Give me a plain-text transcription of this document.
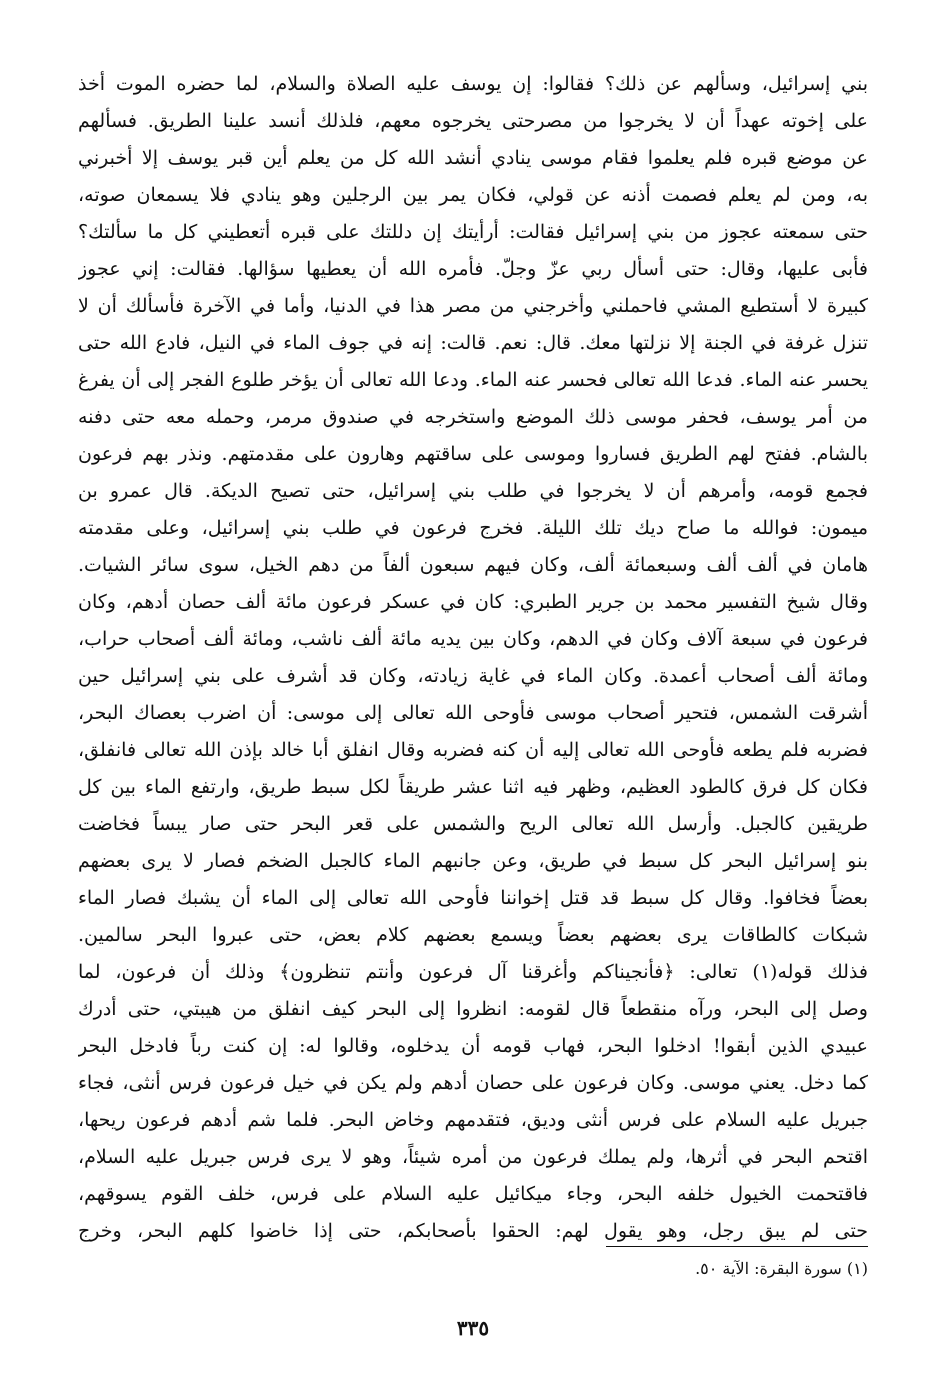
بني إسرائيل، وسألهم عن ذلك؟ فقالوا: إن يوسف عليه الصلاة والسلام، لما حضره الموت أخذ
على إخوته عهداً أن لا يخرجوا من مصرحتى يخرجوه معهم، فلذلك أنسد علينا الطريق. فسألهم
عن موضع قبره فلم يعلموا فقام موسى ينادي أنشد الله كل من يعلم أين قبر يوسف إلا أخبرني
به، ومن لم يعلم فصمت أذنه عن قولي، فكان يمر بين الرجلين وهو ينادي فلا يسمعان صوته،
حتى سمعته عجوز من بني إسرائيل فقالت: أرأيتك إن دللتك على قبره أتعطيني كل ما سألتك؟
فأبى عليها، وقال: حتى أسأل ربي عزّ وجلّ. فأمره الله أن يعطيها سؤالها. فقالت: إني عجوز
كبيرة لا أستطيع المشي فاحملني وأخرجني من مصر هذا في الدنيا، وأما في الآخرة فأسألك أن لا
تنزل غرفة في الجنة إلا نزلتها معك. قال: نعم. قالت: إنه في جوف الماء في النيل، فادع الله حتى
يحسر عنه الماء. فدعا الله تعالى فحسر عنه الماء. ودعا الله تعالى أن يؤخر طلوع الفجر إلى أن يفرغ
من أمر يوسف، فحفر موسى ذلك الموضع واستخرجه في صندوق مرمر، وحمله معه حتى دفنه
بالشام. ففتح لهم الطريق فساروا وموسى على ساقتهم وهارون على مقدمتهم. ونذر بهم فرعون
فجمع قومه، وأمرهم أن لا يخرجوا في طلب بني إسرائيل، حتى تصيح الديكة. قال عمرو بن
ميمون: فوالله ما صاح ديك تلك الليلة. فخرج فرعون في طلب بني إسرائيل، وعلى مقدمته
هامان في ألف ألف وسبعمائة ألف، وكان فيهم سبعون ألفاً من دهم الخيل، سوى سائر الشيات.
وقال شيخ التفسير محمد بن جرير الطبري: كان في عسكر فرعون مائة ألف حصان أدهم، وكان
فرعون في سبعة آلاف وكان في الدهم، وكان بين يديه مائة ألف ناشب، ومائة ألف أصحاب حراب،
ومائة ألف أصحاب أعمدة. وكان الماء في غاية زيادته، وكان قد أشرف على بني إسرائيل حين
أشرقت الشمس، فتحير أصحاب موسى فأوحى الله تعالى إلى موسى: أن اضرب بعصاك البحر،
فضربه فلم يطعه فأوحى الله تعالى إليه أن كنه فضربه وقال انفلق أبا خالد بإذن الله تعالى فانفلق،
فكان كل فرق كالطود العظيم، وظهر فيه اثنا عشر طريقاً لكل سبط طريق، وارتفع الماء بين كل
طريقين كالجبل. وأرسل الله تعالى الريح والشمس على قعر البحر حتى صار يبساً فخاضت
بنو إسرائيل البحر كل سبط في طريق، وعن جانبهم الماء كالجبل الضخم فصار لا يرى بعضهم
بعضاً فخافوا. وقال كل سبط قد قتل إخواننا فأوحى الله تعالى إلى الماء أن يشبك فصار الماء
شبكات كالطاقات يرى بعضهم بعضاً ويسمع بعضهم كلام بعض، حتى عبروا البحر سالمين.
فذلك قوله(١) تعالى: ﴿فأنجيناكم وأغرقنا آل فرعون وأنتم تنظرون﴾ وذلك أن فرعون، لما
وصل إلى البحر، ورآه منقطعاً قال لقومه: انظروا إلى البحر كيف انفلق من هيبتي، حتى أدرك
عبيدي الذين أبقوا! ادخلوا البحر، فهاب قومه أن يدخلوه، وقالوا له: إن كنت رباً فادخل البحر
كما دخل. يعني موسى. وكان فرعون على حصان أدهم ولم يكن في خيل فرعون فرس أنثى، فجاء
جبريل عليه السلام على فرس أنثى وديق، فتقدمهم وخاض البحر. فلما شم أدهم فرعون ريحها،
اقتحم البحر في أثرها، ولم يملك فرعون من أمره شيئاً، وهو لا يرى فرس جبريل عليه السلام،
فاقتحمت الخيول خلفه البحر، وجاء ميكائيل عليه السلام على فرس، خلف القوم يسوقهم،
حتى لم يبق رجل، وهو يقول لهم: الحقوا بأصحابكم، حتى إذا خاضوا كلهم البحر، وخرج
(١) سورة البقرة: الآية ٥٠.
٣٣٥
